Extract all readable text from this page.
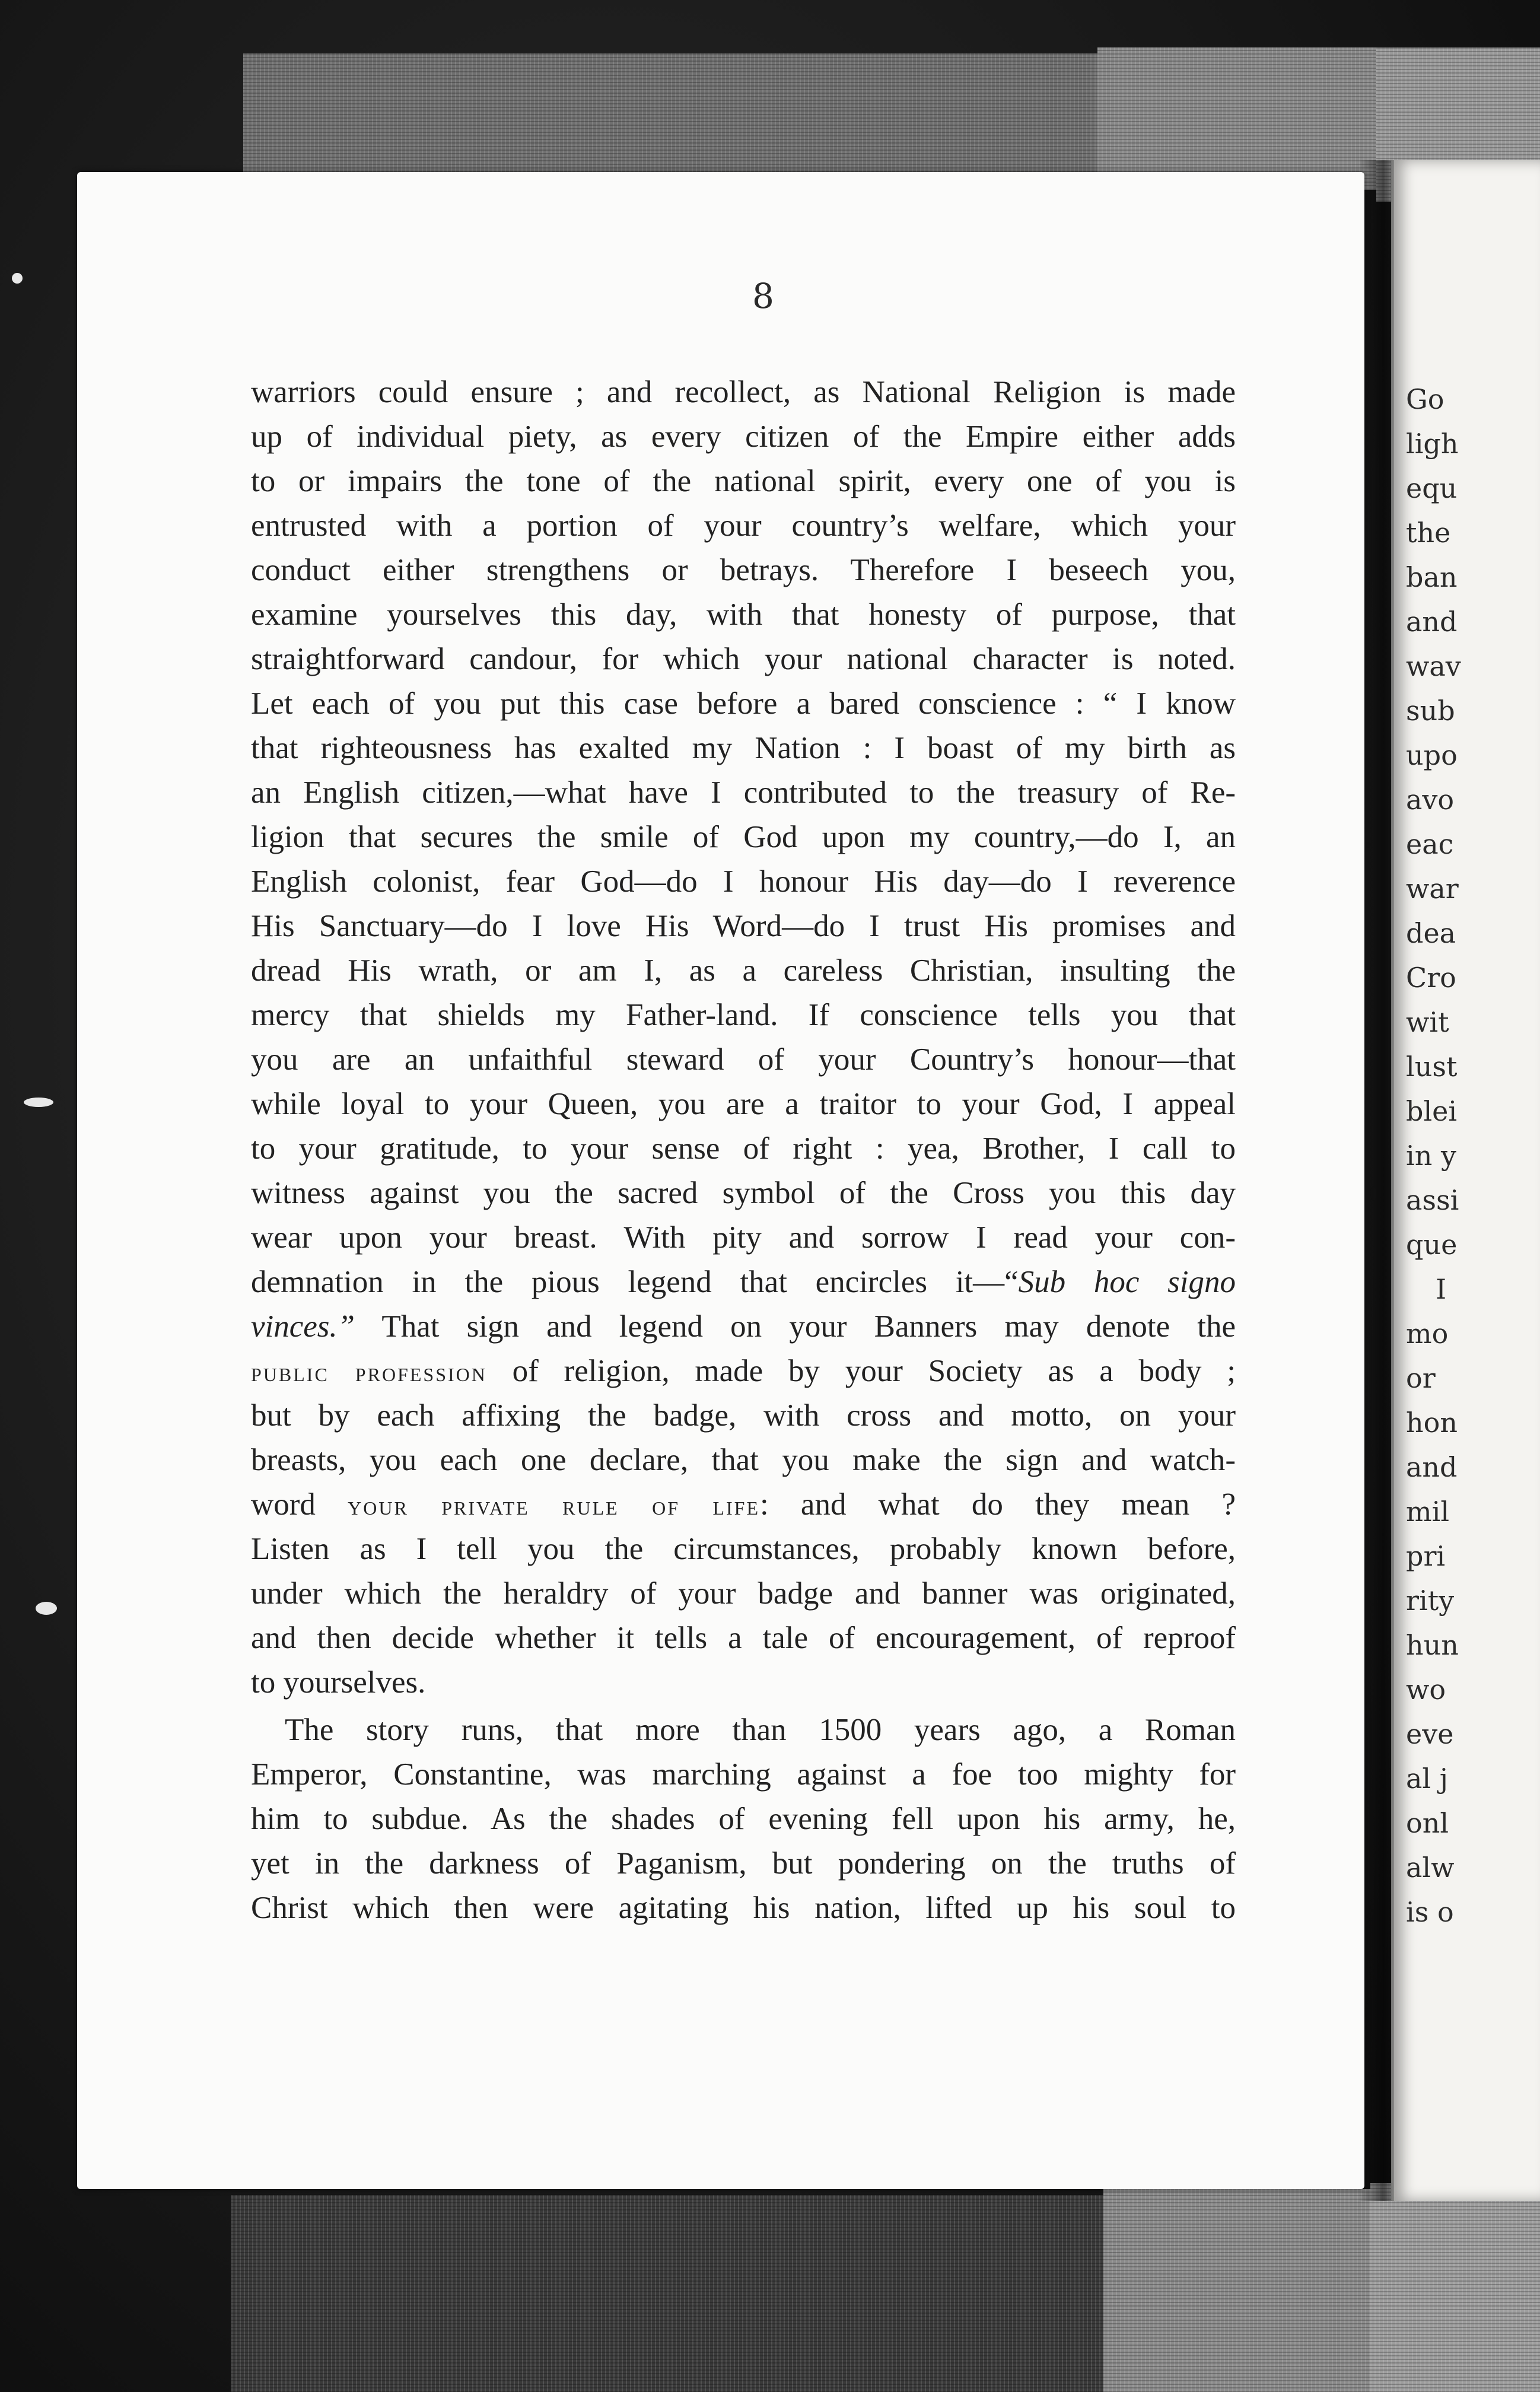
Go
ligh
equ
the
ban
and
wav
sub
upo
avo
eac
war
dea
Cro
wit
lust
blei
in y
assi
que
I
mo
or
hon
and
mil
pri
rity
hun
wo
eve
al j
onl
alw
is o
8
warriors could ensure ; and recollect, as National Religion is made
up of individual piety, as every citizen of the Empire either adds
to or impairs the tone of the national spirit, every one of you is
entrusted with a portion of your country’s welfare, which your
conduct either strengthens or betrays. Therefore I beseech you,
examine yourselves this day, with that honesty of purpose, that
straightforward candour, for which your national character is noted.
Let each of you put this case before a bared conscience : “ I know
that righteousness has exalted my Nation : I boast of my birth as
an English citizen,—what have I contributed to the treasury of Re-
ligion that secures the smile of God upon my country,—do I, an
English colonist, fear God—do I honour His day—do I reverence
His Sanctuary—do I love His Word—do I trust His promises and
dread His wrath, or am I, as a careless Christian, insulting the
mercy that shields my Father-land. If conscience tells you that
you are an unfaithful steward of your Country’s honour—that
while loyal to your Queen, you are a traitor to your God, I appeal
to your gratitude, to your sense of right : yea, Brother, I call to
witness against you the sacred symbol of the Cross you this day
wear upon your breast. With pity and sorrow I read your con-
demnation in the pious legend that encircles it—“Sub hoc signo
vinces.” That sign and legend on your Banners may denote the
public profession of religion, made by your Society as a body ;
but by each affixing the badge, with cross and motto, on your
breasts, you each one declare, that you make the sign and watch-
word your private rule of life: and what do they mean ?
Listen as I tell you the circumstances, probably known before,
under which the heraldry of your badge and banner was originated,
and then decide whether it tells a tale of encouragement, of reproof
to yourselves.
The story runs, that more than 1500 years ago, a Roman
Emperor, Constantine, was marching against a foe too mighty for
him to subdue. As the shades of evening fell upon his army, he,
yet in the darkness of Paganism, but pondering on the truths of
Christ which then were agitating his nation, lifted up his soul to
